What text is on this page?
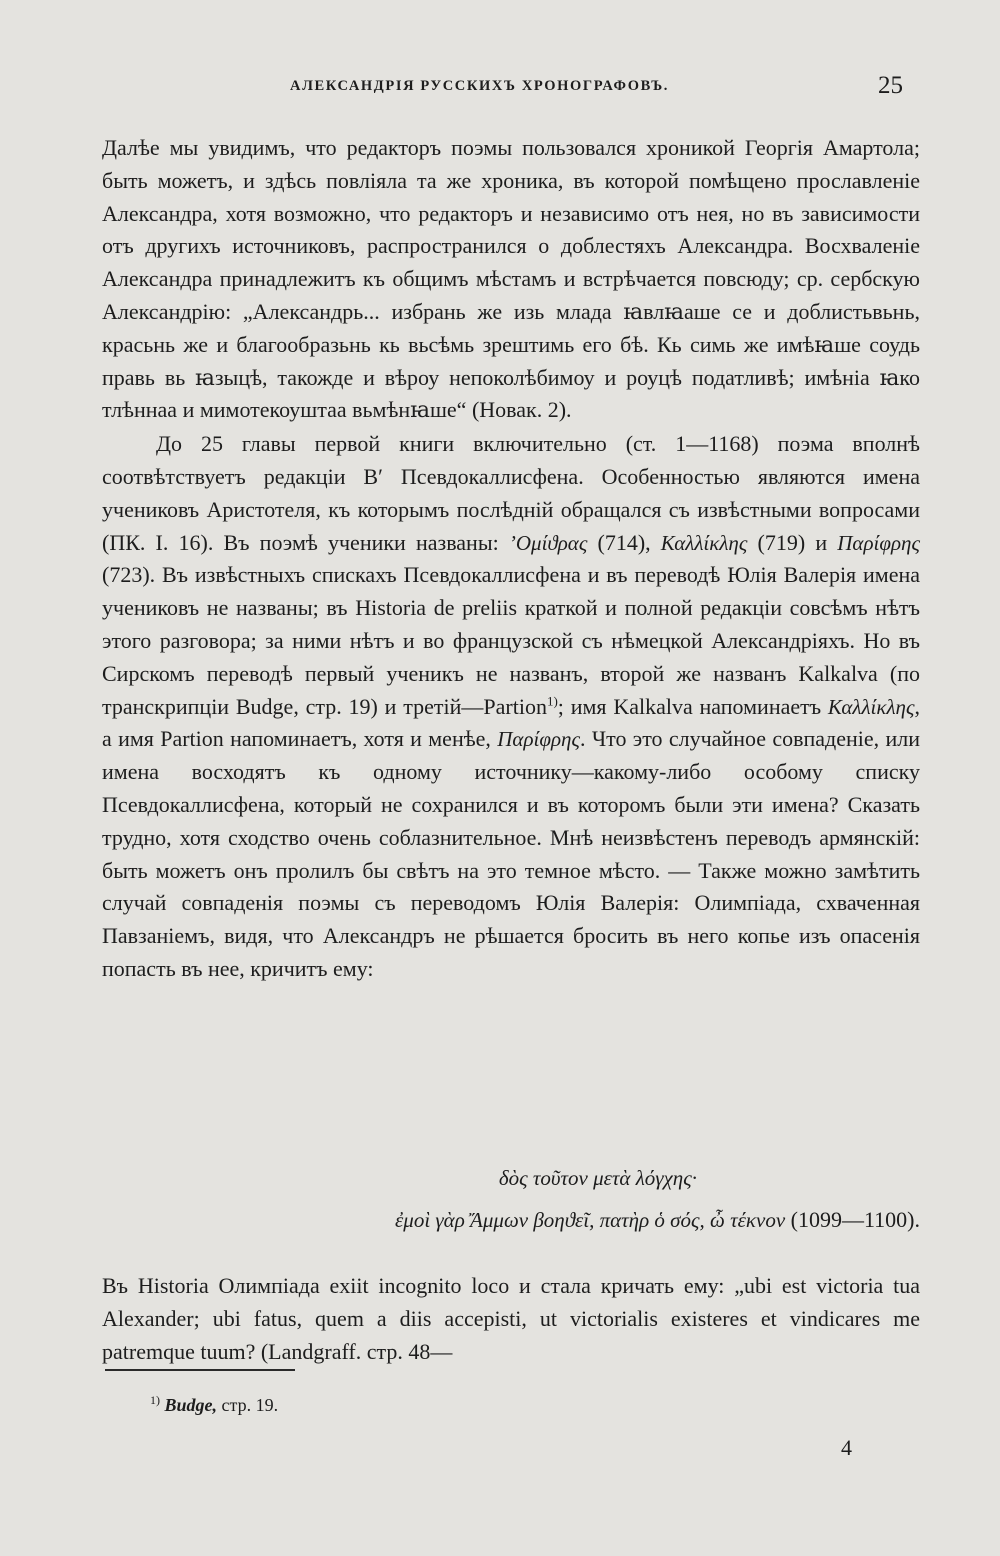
АЛЕКСАНДРІЯ РУССКИХЪ ХРОНОГРАФОВЪ.	25

Далѣе мы увидимъ, что редакторъ поэмы пользовался хроникой Георгія Амартола; быть можетъ, и здѣсь повліяла та же хроника, въ которой помѣщено прославленіе Александра, хотя возможно, что редакторъ и независимо отъ нея, но въ зависимости отъ другихъ источниковъ, распространился о доблестяхъ Александра. Восхваленіе Александра принадлежитъ къ общимъ мѣстамъ и встрѣчается повсюду; ср. сербскую Александрію: „Александрь... избрань же изь млада ꙗвлꙗаше се и доблистьвьнь, красьнь же и благообразьнь кь вьсѣмь зрештимь его бѣ. Кь симь же имѣꙗше соудь правь вь ꙗзыцѣ, такожде и вѣроу непоколѣбимоу и роуцѣ податливѣ; имѣнiа ꙗко тлѣннаа и мимотекоуштаа вьмѣнꙗше“ (Новак. 2).

До 25 главы первой книги включительно (ст. 1—1168) поэма вполнѣ соотвѣтствуетъ редакціи B′ Псевдокаллисфена. Особенностью являются имена учениковъ Аристотеля, къ которымъ послѣдній обращался съ извѣстными вопросами (ПК. I. 16). Въ поэмѣ ученики названы: ’Ομίϑρας (714), Καλλίκλης (719) и Παρίφρης (723). Въ извѣстныхъ спискахъ Псевдокаллисфена и въ переводѣ Юлія Валерія имена учениковъ не названы; въ Historia de preliis краткой и полной редакціи совсѣмъ нѣтъ этого разговора; за ними нѣтъ и во французской съ нѣмецкой Александріяхъ. Но въ Сирскомъ переводѣ первый ученикъ не названъ, второй же названъ Kalkalva (по транскрипціи Budge, стр. 19) и третій—Partion$^{1)}$; имя Kalkalva напоминаетъ Καλλίκλης, а имя Partion напоминаетъ, хотя и менѣе, Παρίφρης. Что это случайное совпаденіе, или имена восходятъ къ одному источнику—какому-либо особому списку Псевдокаллисфена, который не сохранился и въ которомъ были эти имена? Сказать трудно, хотя сходство очень соблазнительное. Мнѣ неизвѣстенъ переводъ армянскій: быть можетъ онъ пролилъ бы свѣтъ на это темное мѣсто. — Также можно замѣтить случай совпаденія поэмы съ переводомъ Юлія Валерія: Олимпіада, схваченная Павзаніемъ, видя, что Александръ не рѣшается бросить въ него копье изъ опасенія попасть въ нее, кричитъ ему:

δὸς τοῦτον μετὰ λόγχης·
ἐμοὶ γὰρ Ἄμμων βοηϑεῖ, πατὴρ ὁ σός, ὦ τέκνον (1099—1100).

Въ Historia Олимпіада exiit incognito loco и стала кричать ему: „ubi est victoria tua Alexander; ubi fatus, quem a diis accepisti, ut victorialis existeres et vindicares me patremque tuum? (Landgraff. стр. 48—

$^{1)}$ Budge, стр. 19.
4
